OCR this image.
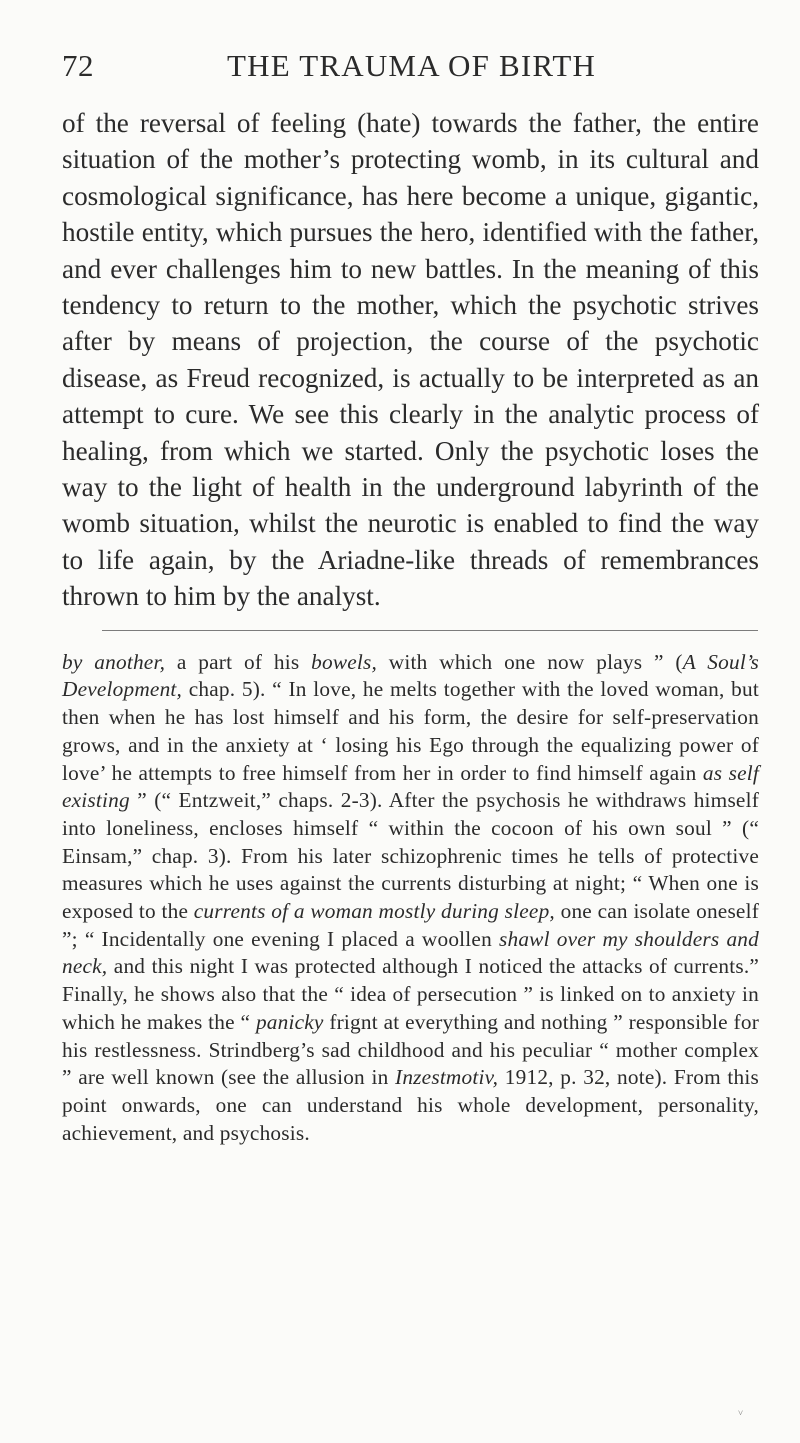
72	THE TRAUMA OF BIRTH

of the reversal of feeling (hate) towards the father, the entire situation of the mother’s protecting womb, in its cultural and cosmological significance, has here become a unique, gigantic, hostile entity, which pursues the hero, identified with the father, and ever challenges him to new battles. In the meaning of this tendency to return to the mother, which the psychotic strives after by means of projection, the course of the psychotic disease, as Freud recognized, is actually to be interpreted as an attempt to cure. We see this clearly in the analytic process of healing, from which we started. Only the psychotic loses the way to the light of health in the underground labyrinth of the womb situation, whilst the neurotic is enabled to find the way to life again, by the Ariadne-like threads of remembrances thrown to him by the analyst.

by another, a part of his bowels, with which one now plays ” (A Soul’s Development, chap. 5). “ In love, he melts together with the loved woman, but then when he has lost himself and his form, the desire for self-preservation grows, and in the anxiety at ‘ losing his Ego through the equalizing power of love’ he attempts to free himself from her in order to find himself again as self existing ” (“ Entzweit,” chaps. 2-3). After the psychosis he withdraws himself into loneliness, encloses himself “ within the cocoon of his own soul ” (“ Einsam,” chap. 3). From his later schizophrenic times he tells of protective measures which he uses against the currents disturbing at night; “ When one is exposed to the currents of a woman mostly during sleep, one can isolate oneself ”; “ Incidentally one evening I placed a woollen shawl over my shoulders and neck, and this night I was protected although I noticed the attacks of currents.” Finally, he shows also that the “ idea of persecution ” is linked on to anxiety in which he makes the “ panicky frignt at everything and nothing ” responsible for his restlessness. Strindberg’s sad childhood and his peculiar “ mother complex ” are well known (see the allusion in Inzestmotiv, 1912, p. 32, note). From this point onwards, one can understand his whole development, personality, achievement, and psychosis.

˅
